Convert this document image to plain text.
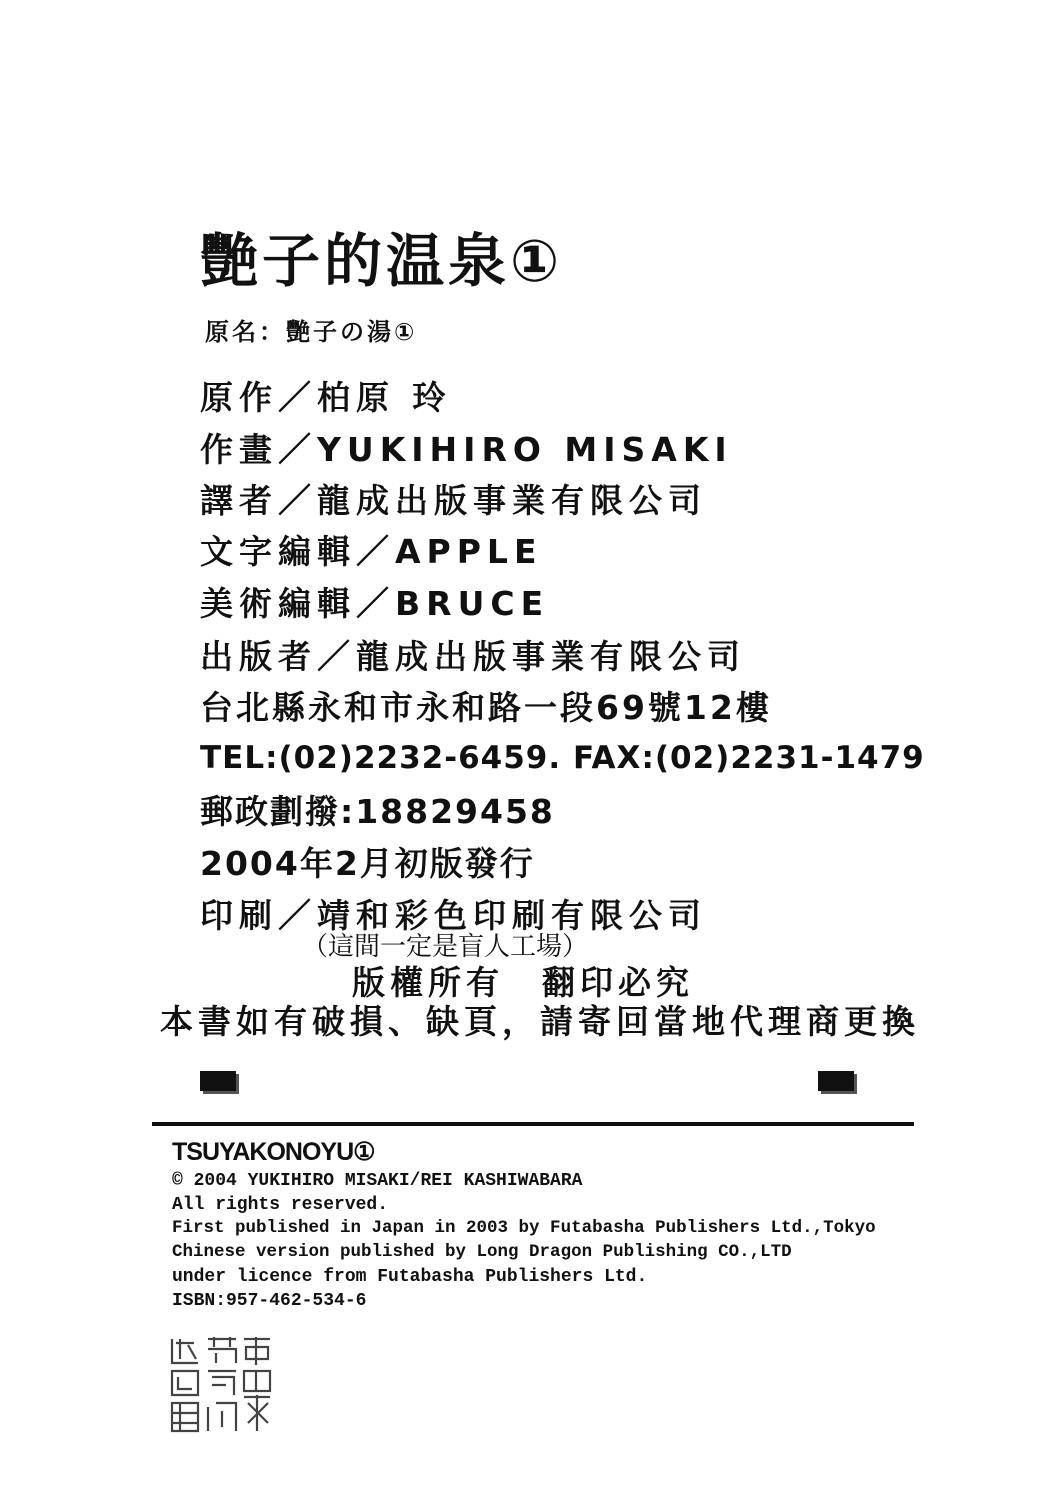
艷子的温泉①
原名：艷子の湯①
原作／柏原 玲
作畫／YUKIHIRO MISAKI
譯者／龍成出版事業有限公司
文字編輯／APPLE
美術編輯／BRUCE
出版者／龍成出版事業有限公司
台北縣永和市永和路一段69號12樓
TEL:(02)2232-6459. FAX:(02)2231-1479
郵政劃撥:18829458
2004年2月初版發行
印刷／靖和彩色印刷有限公司
（這間一定是盲人工場）
版權所有　翻印必究
本書如有破損、缺頁，請寄回當地代理商更換
TSUYAKONOYU①
© 2004 YUKIHIRO MISAKI/REI KASHIWABARA
All rights reserved.
First published in Japan in 2003 by Futabasha Publishers Ltd.,Tokyo
Chinese version published by Long Dragon Publishing CO.,LTD
under licence from Futabasha Publishers Ltd.
ISBN:957-462-534-6
